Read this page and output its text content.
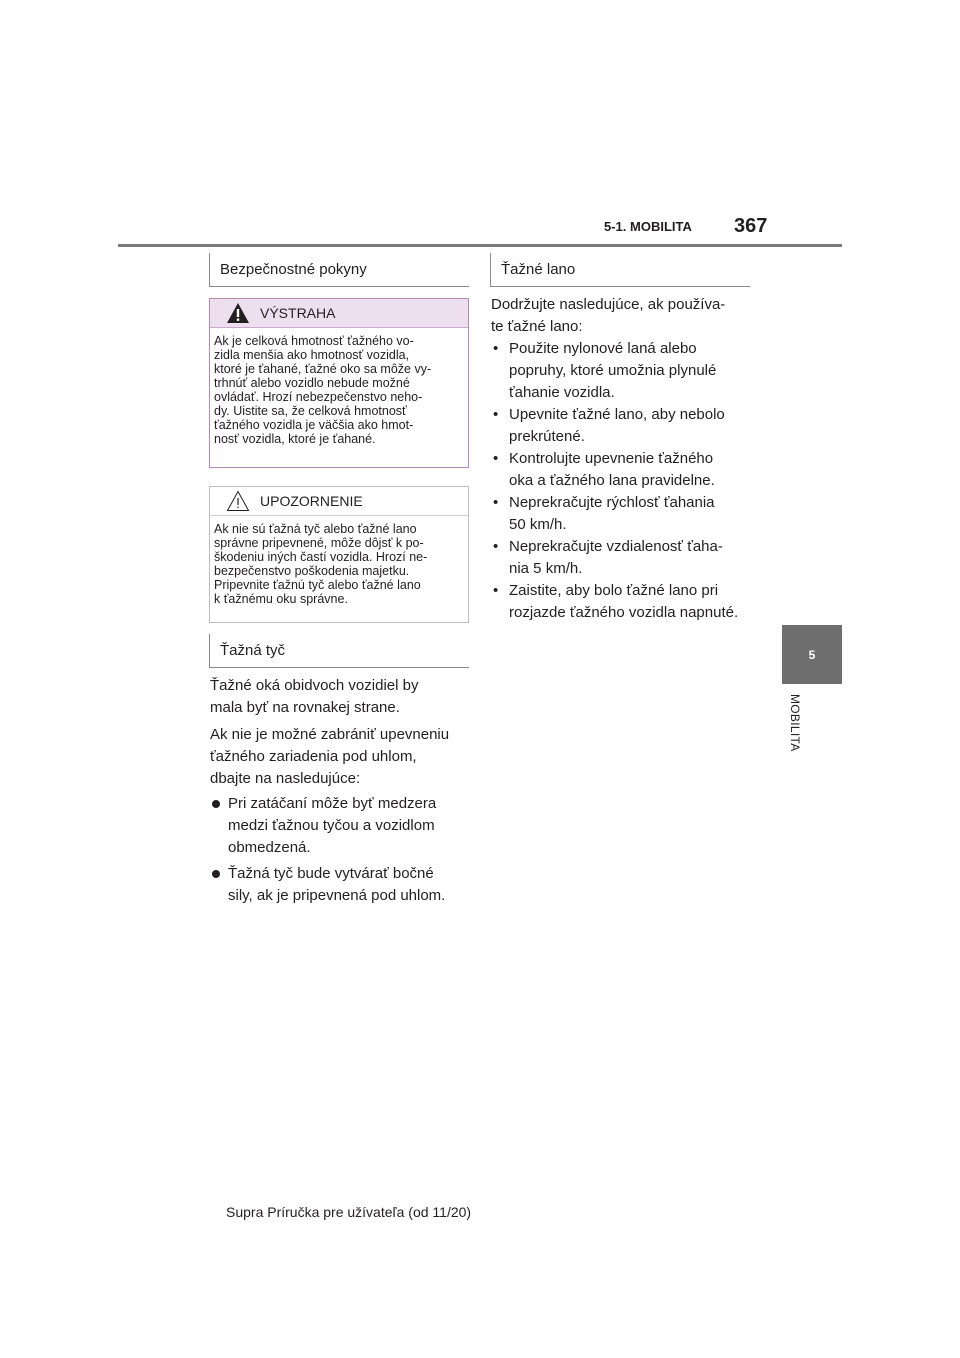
5-1. MOBILITA 367
5
MOBILITA
Bezpečnostné pokyny
VÝSTRAHA
Ak je celková hmotnosť ťažného vo-
zidla menšia ako hmotnosť vozidla,
ktoré je ťahané, ťažné oko sa môže vy-
trhnúť alebo vozidlo nebude možné
ovládať. Hrozí nebezpečenstvo neho-
dy. Uistite sa, že celková hmotnosť
ťažného vozidla je väčšia ako hmot-
nosť vozidla, ktoré je ťahané.
UPOZORNENIE
Ak nie sú ťažná tyč alebo ťažné lano
správne pripevnené, môže dôjsť k po-
škodeniu iných častí vozidla. Hrozí ne-
bezpečenstvo poškodenia majetku.
Pripevnite ťažnú tyč alebo ťažné lano
k ťažnému oku správne.
Ťažná tyč
Ťažné oká obidvoch vozidiel by
mala byť na rovnakej strane.
Ak nie je možné zabrániť upevneniu
ťažného zariadenia pod uhlom,
dbajte na nasledujúce:
Pri zatáčaní môže byť medzera
medzi ťažnou tyčou a vozidlom
obmedzená.
Ťažná tyč bude vytvárať bočné
sily, ak je pripevnená pod uhlom.
Ťažné lano
Dodržujte nasledujúce, ak používa-
te ťažné lano:
• Použite nylonové laná alebo
popruhy, ktoré umožnia plynulé
ťahanie vozidla.
• Upevnite ťažné lano, aby nebolo
prekrútené.
• Kontrolujte upevnenie ťažného
oka a ťažného lana pravidelne.
• Neprekračujte rýchlosť ťahania
50 km/h.
• Neprekračujte vzdialenosť ťaha-
nia 5 km/h.
• Zaistite, aby bolo ťažné lano pri
rozjazde ťažného vozidla napnuté.
Supra Príručka pre užívateľa (od 11/20)
